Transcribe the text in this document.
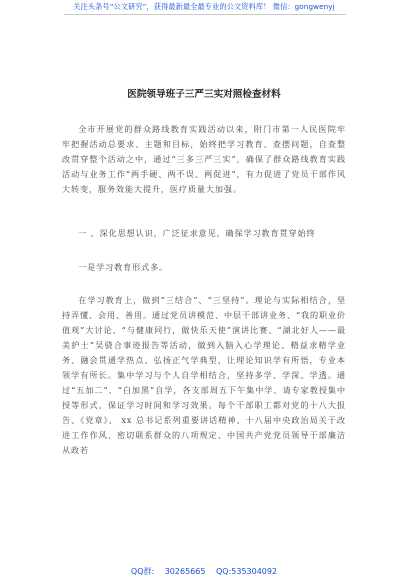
关注头条号“公文研究”，获得最新最全最专业的公文资料库！ 微信：gongwenyj
医院领导班子三严三实对照检查材料

全市开展党的群众路线教育实践活动以来，附门市第一人民医院牢牢把握活动总要求、主题和目标，始终把学习教育、查摆问题，自查整改贯穿整个活动之中，通过“三多三严三实”，确保了群众路线教育实践活动与业务工作“两手硬、两不误、两促进”，有力促进了党员干部作风大转变，服务效能大提升，医疗质量大加强。

一 、深化思想认识，广泛征求意见，确保学习教育贯穿始终

一是学习教育形式多。

在学习教育上，做到“三结合”、“三坚持”。理论与实际相结合，坚持弄懂、会用、善用。通过党员讲模范、中层干部讲业务、“我的职业价值观”大讨论、“与健康同行，做快乐天使”演讲比赛、“湖北好人——最美护士”吴骁合事迹报告等活动，做到入脑入心学理论、精益求精学业务、融会贯通学热点、弘扬正气学典型，让理论知识学有所悟，专业本领学有所长。集中学习与个人自学相结合，坚持多学、学深、学透。通过“五加二”、“白加黑”自学，各支部周五下午集中学、请专家教授集中授等形式，保证学习时间和学习效果。每个干部职工都对党的十八大报告、《党章》、 xx 总书记系列重要讲话精神、十八届中央政治局关于改进工作作风、密切联系群众的八项规定、中国共产党党员领导干部廉洁从政若

QQ群: 30265665 QQ:535304092
